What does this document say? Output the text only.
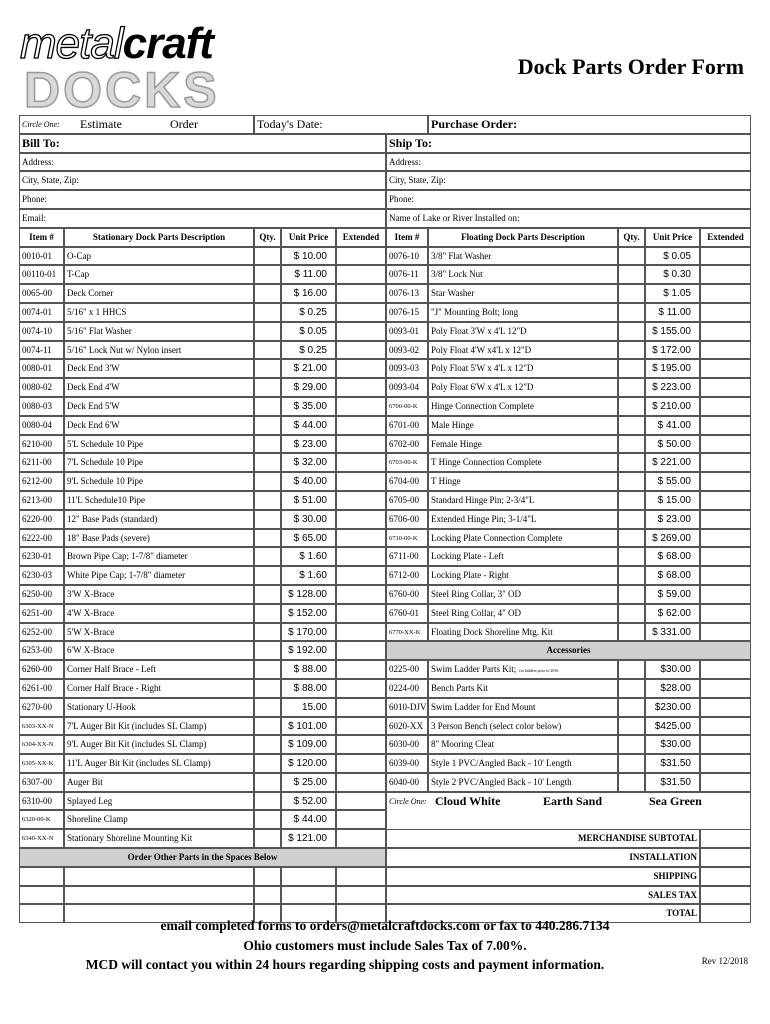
metalcraft
DOCKS	Dock Parts Order Form
Circle One:	Estimate	Order	Today's Date:	Purchase Order:
Bill To:	Ship To:
Address:	Address:
City, State, Zip:	City, State, Zip:
Phone:	Phone:
Email:	Name of Lake or River Installed on:
Item #	Stationary Dock Parts Description	Qty.	Unit Price	Extended	Item #	Floating Dock Parts Description	Qty.	Unit Price	Extended
0010-01	O-Cap	$ 10.00	0076-10	3/8" Flat Washer	$ 0.05
00110-01	T-Cap	$ 11.00	0076-11	3/8" Lock Nut	$ 0.30
0065-00	Deck Corner	$ 16.00	0076-13	Star Washer	$ 1.05
0074-01	5/16" x 1 HHCS	$ 0.25	0076-15	"J" Mounting Bolt; long	$ 11.00
0074-10	5/16" Flat Washer	$ 0.05	0093-01	Poly Float 3'W x 4'L 12"D	$ 155.00
0074-11	5/16" Lock Nut w/ Nylon insert	$ 0.25	0093-02	Poly Float 4'W x4'L x 12"D	$ 172.00
0080-01	Deck End 3'W	$ 21.00	0093-03	Poly Float 5'W x 4'L x 12"D	$ 195.00
0080-02	Deck End 4'W	$ 29.00	0093-04	Poly Float 6'W x 4'L x 12"D	$ 223.00
0080-03	Deck End 5'W	$ 35.00	6700-00-K	Hinge Connection Complete	$ 210.00
0080-04	Deck End 6'W	$ 44.00	6701-00	Male Hinge	$ 41.00
6210-00	5'L Schedule 10 Pipe	$ 23.00	6702-00	Female Hinge	$ 50.00
6211-00	7'L Schedule 10 Pipe	$ 32.00	6703-00-K	T Hinge Connection Complete	$ 221.00
6212-00	9'L Schedule 10 Pipe	$ 40.00	6704-00	T Hinge	$ 55.00
6213-00	11'L Schedule10 Pipe	$ 51.00	6705-00	Standard Hinge Pin; 2-3/4"L	$ 15.00
6220-00	12" Base Pads (standard)	$ 30.00	6706-00	Extended Hinge Pin; 3-1/4"L	$ 23.00
6222-00	18" Base Pads (severe)	$ 65.00	6710-00-K	Locking Plate Connection Complete	$ 269.00
6230-01	Brown Pipe Cap; 1-7/8" diameter	$ 1.60	6711-00	Locking Plate - Left	$ 68.00
6230-03	White Pipe Cap; 1-7/8" diameter	$ 1.60	6712-00	Locking Plate - Right	$ 68.00
6250-00	3'W X-Brace	$ 128.00	6760-00	Steel Ring Collar, 3" OD	$ 59.00
6251-00	4'W X-Brace	$ 152.00	6760-01	Steel Ring Collar, 4" OD	$ 62.00
6252-00	5'W X-Brace	$ 170.00	6770-XX-K	Floating Dock Shoreline Mtg. Kit	$ 331.00
6253-00	6'W X-Brace	$ 192.00	Accessories
6260-00	Corner Half Brace - Left	$ 88.00	0225-00	Swim Ladder Parts Kit; for ladders prior to 2016	$30.00
6261-00	Corner Half Brace - Right	$ 88.00	0224-00	Bench Parts Kit	$28.00
6270-00	Stationary U-Hook	15.00	6010-DJV Swim Ladder for End Mount	$230.00
6303-XX-N	7'L Auger Bit Kit (includes SL Clamp)	$ 101.00	6020-XX 3 Person Bench (select color below)	$425.00
6304-XX-N	9'L Auger Bit Kit (includes SL Clamp)	$ 109.00	6030-00	8" Mooring Cleat	$30.00
6305-XX-K	11'L Auger Bit Kit (includes SL Clamp)	$ 120.00	6039-00	Style 1 PVC/Angled Back - 10' Length	$31.50
6307-00	Auger Bit	$ 25.00	6040-00	Style 2 PVC/Angled Back - 10' Length	$31.50
6310-00	Splayed Leg	$ 52.00	Circle One: Cloud White	Earth Sand	Sea Green
6320-00-K	Shoreline Clamp	$ 44.00
6340-XX-N	Stationary Shoreline Mounting Kit	$ 121.00	MERCHANDISE SUBTOTAL
Order Other Parts in the Spaces Below	INSTALLATION
SHIPPING
SALES TAX
TOTAL
email completed forms to orders@metalcraftdocks.com or fax to 440.286.7134
Ohio customers must include Sales Tax of 7.00%.
MCD will contact you within 24 hours regarding shipping costs and payment information.	Rev 12/2018
